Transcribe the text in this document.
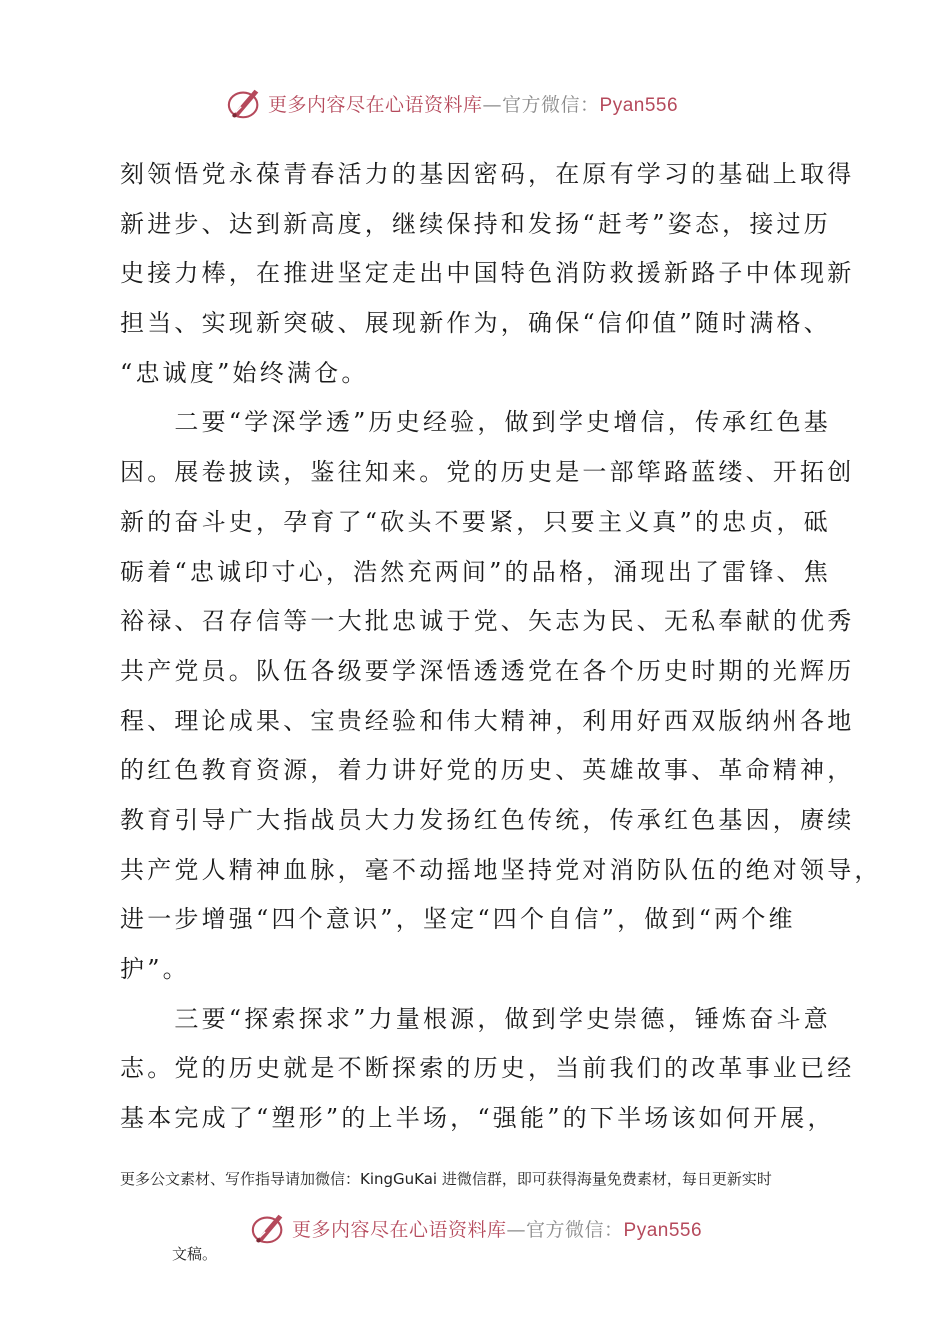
更多内容尽在心语资料库—官方微信：Pyan556
刻领悟党永葆青春活力的基因密码，在原有学习的基础上取得
新进步、达到新高度，继续保持和发扬“赶考”姿态，接过历
史接力棒，在推进坚定走出中国特色消防救援新路子中体现新
担当、实现新突破、展现新作为，确保“信仰值”随时满格、
“忠诚度”始终满仓。
　　二要“学深学透”历史经验，做到学史增信，传承红色基
因。展卷披读，鉴往知来。党的历史是一部筚路蓝缕、开拓创
新的奋斗史，孕育了“砍头不要紧，只要主义真”的忠贞，砥
砺着“忠诚印寸心，浩然充两间”的品格，涌现出了雷锋、焦
裕禄、召存信等一大批忠诚于党、矢志为民、无私奉献的优秀
共产党员。队伍各级要学深悟透透党在各个历史时期的光辉历
程、理论成果、宝贵经验和伟大精神，利用好西双版纳州各地
的红色教育资源，着力讲好党的历史、英雄故事、革命精神，
教育引导广大指战员大力发扬红色传统，传承红色基因，赓续
共产党人精神血脉，毫不动摇地坚持党对消防队伍的绝对领导，
进一步增强“四个意识”，坚定“四个自信”，做到“两个维
护”。
　　三要“探索探求”力量根源，做到学史崇德，锤炼奋斗意
志。党的历史就是不断探索的历史，当前我们的改革事业已经
基本完成了“塑形”的上半场，“强能”的下半场该如何开展，
更多公文素材、写作指导请加微信：KingGuKai 进微信群，即可获得海量免费素材，每日更新实时
更多内容尽在心语资料库—官方微信：Pyan556
文稿。
